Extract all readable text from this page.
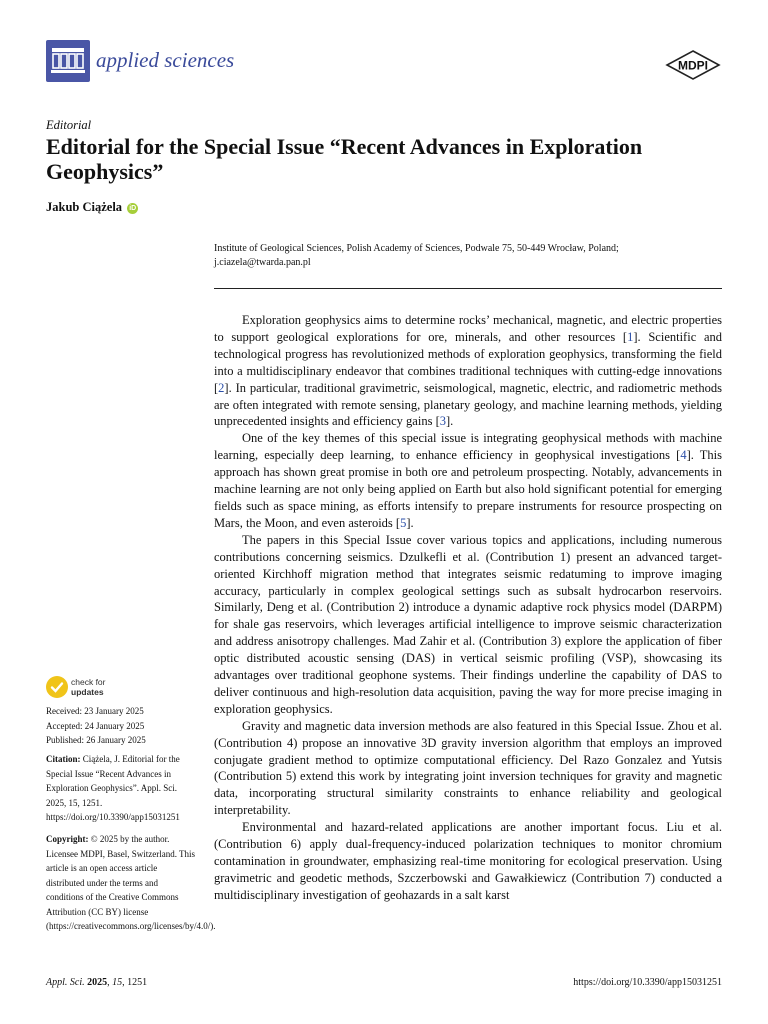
applied sciences	MDPI
Editorial
Editorial for the Special Issue “Recent Advances in Exploration Geophysics”
Jakub Ciążela iD
Institute of Geological Sciences, Polish Academy of Sciences, Podwale 75, 50-449 Wrocław, Poland;
j.ciazela@twarda.pan.pl

Exploration geophysics aims to determine rocks’ mechanical, magnetic, and electric properties to support geological explorations for ore, minerals, and other resources [1]. Scientific and technological progress has revolutionized methods of exploration geophysics, transforming the field into a multidisciplinary endeavor that combines traditional techniques with cutting-edge innovations [2]. In particular, traditional gravimetric, seismological, magnetic, electric, and radiometric methods are often integrated with remote sensing, planetary geology, and machine learning methods, yielding unprecedented insights and efficiency gains [3].

One of the key themes of this special issue is integrating geophysical methods with machine learning, especially deep learning, to enhance efficiency in geophysical investigations [4]. This approach has shown great promise in both ore and petroleum prospecting. Notably, advancements in machine learning are not only being applied on Earth but also hold significant potential for emerging fields such as space mining, as efforts intensify to prepare instruments for resource prospecting on Mars, the Moon, and even asteroids [5].

The papers in this Special Issue cover various topics and applications, including numerous contributions concerning seismics. Dzulkefli et al. (Contribution 1) present an advanced target-oriented Kirchhoff migration method that integrates seismic redatuming to improve imaging accuracy, particularly in complex geological settings such as subsalt hydrocarbon reservoirs. Similarly, Deng et al. (Contribution 2) introduce a dynamic adaptive rock physics model (DARPM) for shale gas reservoirs, which leverages artificial intelligence to improve seismic characterization and address anisotropy challenges. Mad Zahir et al. (Contribution 3) explore the application of fiber optic distributed acoustic sensing (DAS) in vertical seismic profiling (VSP), showcasing its advantages over traditional geophone systems. Their findings underline the capability of DAS to deliver continuous and high-resolution data acquisition, paving the way for more precise imaging in exploration geophysics.

Gravity and magnetic data inversion methods are also featured in this Special Issue. Zhou et al. (Contribution 4) propose an innovative 3D gravity inversion algorithm that employs an improved conjugate gradient method to optimize computational efficiency. Del Razo Gonzalez and Yutsis (Contribution 5) extend this work by integrating joint inversion techniques for gravity and magnetic data, incorporating structural similarity constraints to enhance reliability and geological interpretability.

Environmental and hazard-related applications are another important focus. Liu et al. (Contribution 6) apply dual-frequency-induced polarization techniques to monitor chromium contamination in groundwater, emphasizing real-time monitoring for ecological preservation. Using gravimetric and geodetic methods, Szczerbowski and Gawałkiewicz (Contribution 7) conducted a multidisciplinary investigation of geohazards in a salt karst

check for
updates
Received: 23 January 2025
Accepted: 24 January 2025
Published: 26 January 2025
Citation: Ciążela, J. Editorial for the Special Issue “Recent Advances in Exploration Geophysics”. Appl. Sci. 2025, 15, 1251. https://doi.org/10.3390/app15031251
Copyright: © 2025 by the author. Licensee MDPI, Basel, Switzerland. This article is an open access article distributed under the terms and conditions of the Creative Commons Attribution (CC BY) license (https://creativecommons.org/licenses/by/4.0/).
Appl. Sci. 2025, 15, 1251	https://doi.org/10.3390/app15031251
